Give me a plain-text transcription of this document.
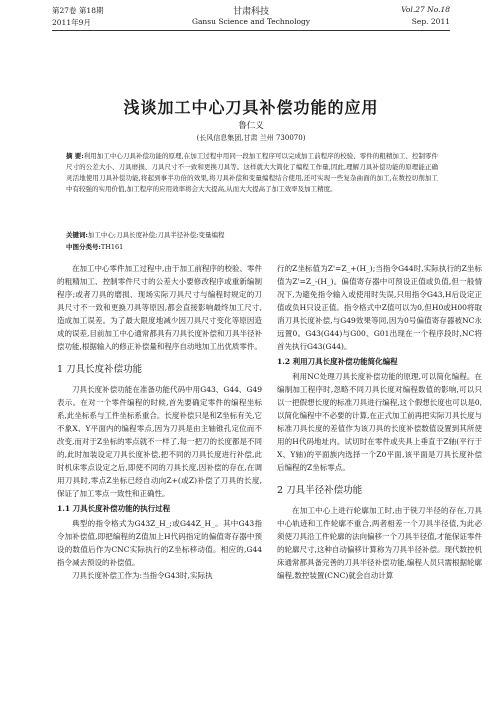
第27卷 第18期
2011年9月
甘肃科技
Gansu Science and Technology
Vol.27 No.18
Sep. 2011
浅谈加工中心刀具补偿功能的应用
鲁仁义
(长风信息集团,甘肃 兰州 730070)
摘 要:利用加工中心刀具补偿功能的原理,在加工过程中用同一段加工程序可以完成加工前程序的校验、零件的粗精加工、控制零件尺寸的公差大小、刀具磨损、刀具尺寸不一致和更换刀具等。这样就大大简化了编程工作量,因此,理解刀具补偿功能的原理能正确灵活地使用刀具补偿功能,将起到事半功倍的效果,将刀具补偿和变量编程结合使用,还可实现一些复杂曲面的加工,在数控切削加工中有较强的实用价值,加工程序的应用效率将会大大提高,从而大大提高了加工效率及加工精度。
关键词:加工中心;刀具长度补偿;刀具半径补偿;变量编程
中图分类号:TH161

在加工中心零件加工过程中,由于加工前程序的校验、零件的粗精加工、控制零件尺寸的公差大小要修改程序或重新编制程序;或者刀具的磨损、现场实际刀具尺寸与编程时规定的刀具尺寸不一致和更换刀具等原因,都会直接影响最终加工尺寸,造成加工误差。为了最大限度地减少因刀具尺寸变化等原因造成的误差,目前加工中心通常都具有刀具长度补偿和刀具半径补偿功能,根据输入的修正补偿量和程序自动地加工出优质零件。

1 刀具长度补偿功能

刀具长度补偿功能在准备功能代码中用G43、G44、G49表示。在对一个零件编程的时候,首先要确定零件的编程坐标系,此坐标系与工件坐标系重合。长度补偿只是和Z坐标有关,它不象X、Y平面内的编程零点,因为刀具是由主轴锥孔定位而不改变,而对于Z坐标的零点就不一样了,每一把刀的长度都是不同的,此时加装设定刀具长度补偿,把不同的刀具长度进行补偿,此时机床零点设定之后,即使不同的刀具长度,因补偿的存在,在调用刀具时,零点Z坐标已经自动向Z+(或Z)补偿了刀具的长度,保证了加工零点一致性和正确性。

1.1 刀具长度补偿功能的执行过程

典型的指令格式为G43Z_H_;或G44Z_H_。其中G43指令加补偿值,即把编程的Z值加上H代码指定的偏值寄存器中预设的数值后作为CNC实际执行的Z坐标移动值。相应的,G44指令减去预设的补偿值。

刀具长度补偿工作为:当指令G43时,实际执

行的Z坐标值为Z'=Z_+(H_);当指令G44时,实际执行的Z坐标值为Z'=Z_-(H_)。偏值寄存器中可预设正值或负值,但一般情况下,为避免指令输入或使用时失误,只用指令G43,H后设定正值或负H只设正值。指令格式中Z值可以为0,但H0或H00将取消刀具长度补偿,与G49效果等同,因为0号偏值寄存器被NC永远置0。G43(G44)与G00、G01出现在一个程序段时,NC将首先执行G43(G44)。

1.2 利用刀具长度补偿功能简化编程

利用NC处理刀具长度补偿功能的原理,可以简化编程。在编制加工程序时,忽略不同刀具长度对编程数值的影响,可以只以一把假想长度的标准刀具进行编程,这个假想长度也可以是0,以简化编程中不必要的计算,在正式加工前再把实际刀具长度与标准刀具长度的差值作为该刀具的长度补偿数值设置到其所使用的H代码地址内。试切时在零件或夹具上垂直于Z轴(平行于X、Y轴)的平面族内选择一个Z0平面,该平面是刀具长度补偿后编程的Z坐标零点。

2 刀具半径补偿功能

在加工中心上进行轮廓加工时,由于铣刀半径的存在,刀具中心轨迹和工件轮廓不重合,两者相差一个刀具半径值,为此必须使刀具沿工件轮廓的法向偏移一个刀具半径值,才能保证零件的轮廓尺寸,这种自动偏移计算称为刀具半径补偿。现代数控机床通常都具备完善的刀具半径补偿功能,编程人员只需根据轮廓编程,数控装置(CNC)就会自动计算
